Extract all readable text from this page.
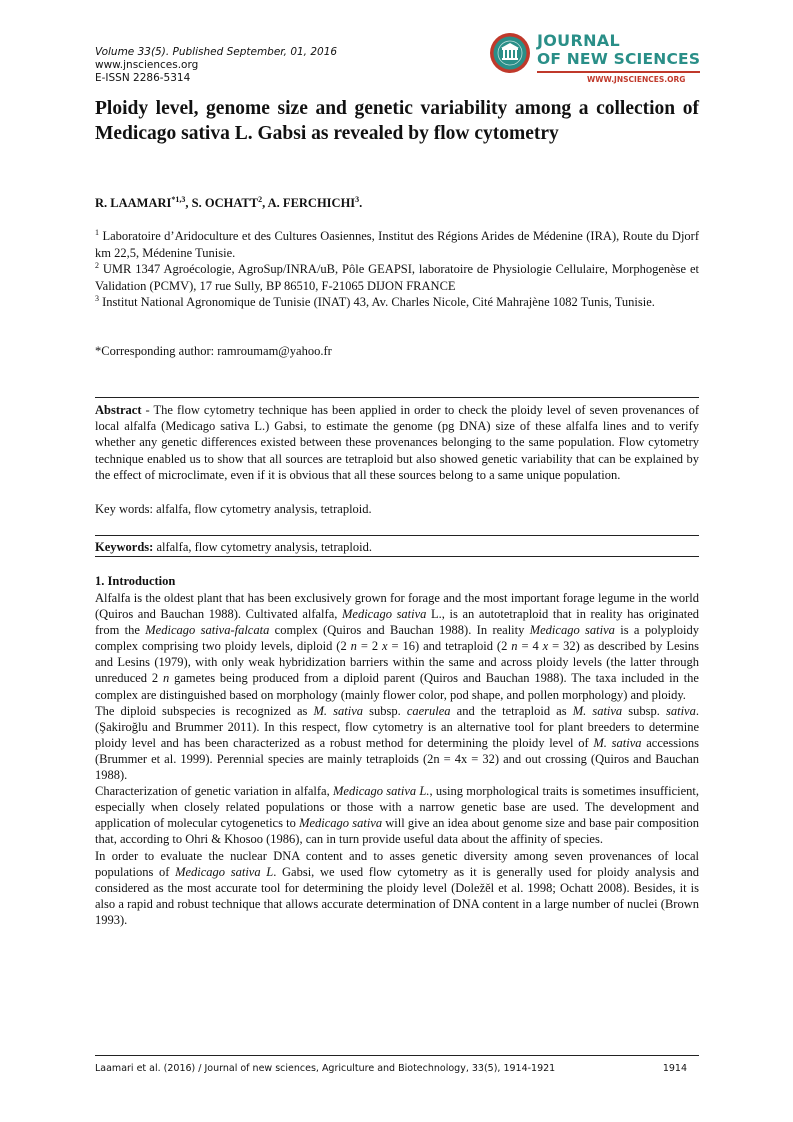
Volume 33(5). Published September, 01, 2016
www.jnsciences.org
E-ISSN 2286-5314
JOURNAL
OF NEW SCIENCES
WWW.JNSCIENCES.ORG
Ploidy level, genome size and genetic variability among a collection of Medicago sativa L. Gabsi as revealed by flow cytometry
R. LAAMARI$^{*1,3}$, S. OCHATT$^2$, A. FERCHICHI$^3$.
$^1$ Laboratoire d’Aridoculture et des Cultures Oasiennes, Institut des Régions Arides de Médenine (IRA), Route du Djorf km 22,5, Médenine Tunisie.
$^2$ UMR 1347 Agroécologie, AgroSup/INRA/uB, Pôle GEAPSI, laboratoire de Physiologie Cellulaire, Morphogenèse et Validation (PCMV), 17 rue Sully, BP 86510, F-21065 DIJON FRANCE
$^3$ Institut National Agronomique de Tunisie (INAT) 43, Av. Charles Nicole, Cité Mahrajène 1082 Tunis, Tunisie.
*Corresponding author: ramroumam@yahoo.fr

Abstract - The flow cytometry technique has been applied in order to check the ploidy level of seven provenances of local alfalfa (Medicago sativa L.) Gabsi, to estimate the genome (pg DNA) size of these alfalfa lines and to verify whether any genetic differences existed between these provenances belonging to the same population. Flow cytometry technique enabled us to show that all sources are tetraploid but also showed genetic variability that can be explained by the effect of microclimate, even if it is obvious that all these sources belong to a same unique population.

Key words: alfalfa, flow cytometry analysis, tetraploid.
Keywords: alfalfa, flow cytometry analysis, tetraploid.
1. Introduction

Alfalfa is the oldest plant that has been exclusively grown for forage and the most important forage legume in the world (Quiros and Bauchan 1988). Cultivated alfalfa, Medicago sativa L., is an autotetraploid that in reality has originated from the Medicago sativa-falcata complex (Quiros and Bauchan 1988). In reality Medicago sativa is a polyploidy complex comprising two ploidy levels, diploid (2 n = 2 x = 16) and tetraploid (2 n = 4 x = 32) as described by Lesins and Lesins (1979), with only weak hybridization barriers within the same and across ploidy levels (the latter through unreduced 2 n gametes being produced from a diploid parent (Quiros and Bauchan 1988). The taxa included in the complex are distinguished based on morphology (mainly flower color, pod shape, and pollen morphology) and ploidy.

The diploid subspecies is recognized as M. sativa subsp. caerulea and the tetraploid as M. sativa subsp. sativa. (Şakiroğlu and Brummer 2011). In this respect, flow cytometry is an alternative tool for plant breeders to determine ploidy level and has been characterized as a robust method for determining the ploidy level of M. sativa accessions (Brummer et al. 1999). Perennial species are mainly tetraploids (2n = 4x = 32) and out crossing (Quiros and Bauchan 1988).

Characterization of genetic variation in alfalfa, Medicago sativa L., using morphological traits is sometimes insufficient, especially when closely related populations or those with a narrow genetic base are used. The development and application of molecular cytogenetics to Medicago sativa will give an idea about genome size and base pair composition that, according to Ohri & Khosoo (1986), can in turn provide useful data about the affinity of species.

In order to evaluate the nuclear DNA content and to asses genetic diversity among seven provenances of local populations of Medicago sativa L. Gabsi, we used flow cytometry as it is generally used for ploidy analysis and considered as the most accurate tool for determining the ploidy level (Doležěl et al. 1998; Ochatt 2008). Besides, it is also a rapid and robust technique that allows accurate determination of DNA content in a large number of nuclei (Brown 1993).

Laamari et al. (2016) / Journal of new sciences, Agriculture and Biotechnology, 33(5), 1914-1921	1914
